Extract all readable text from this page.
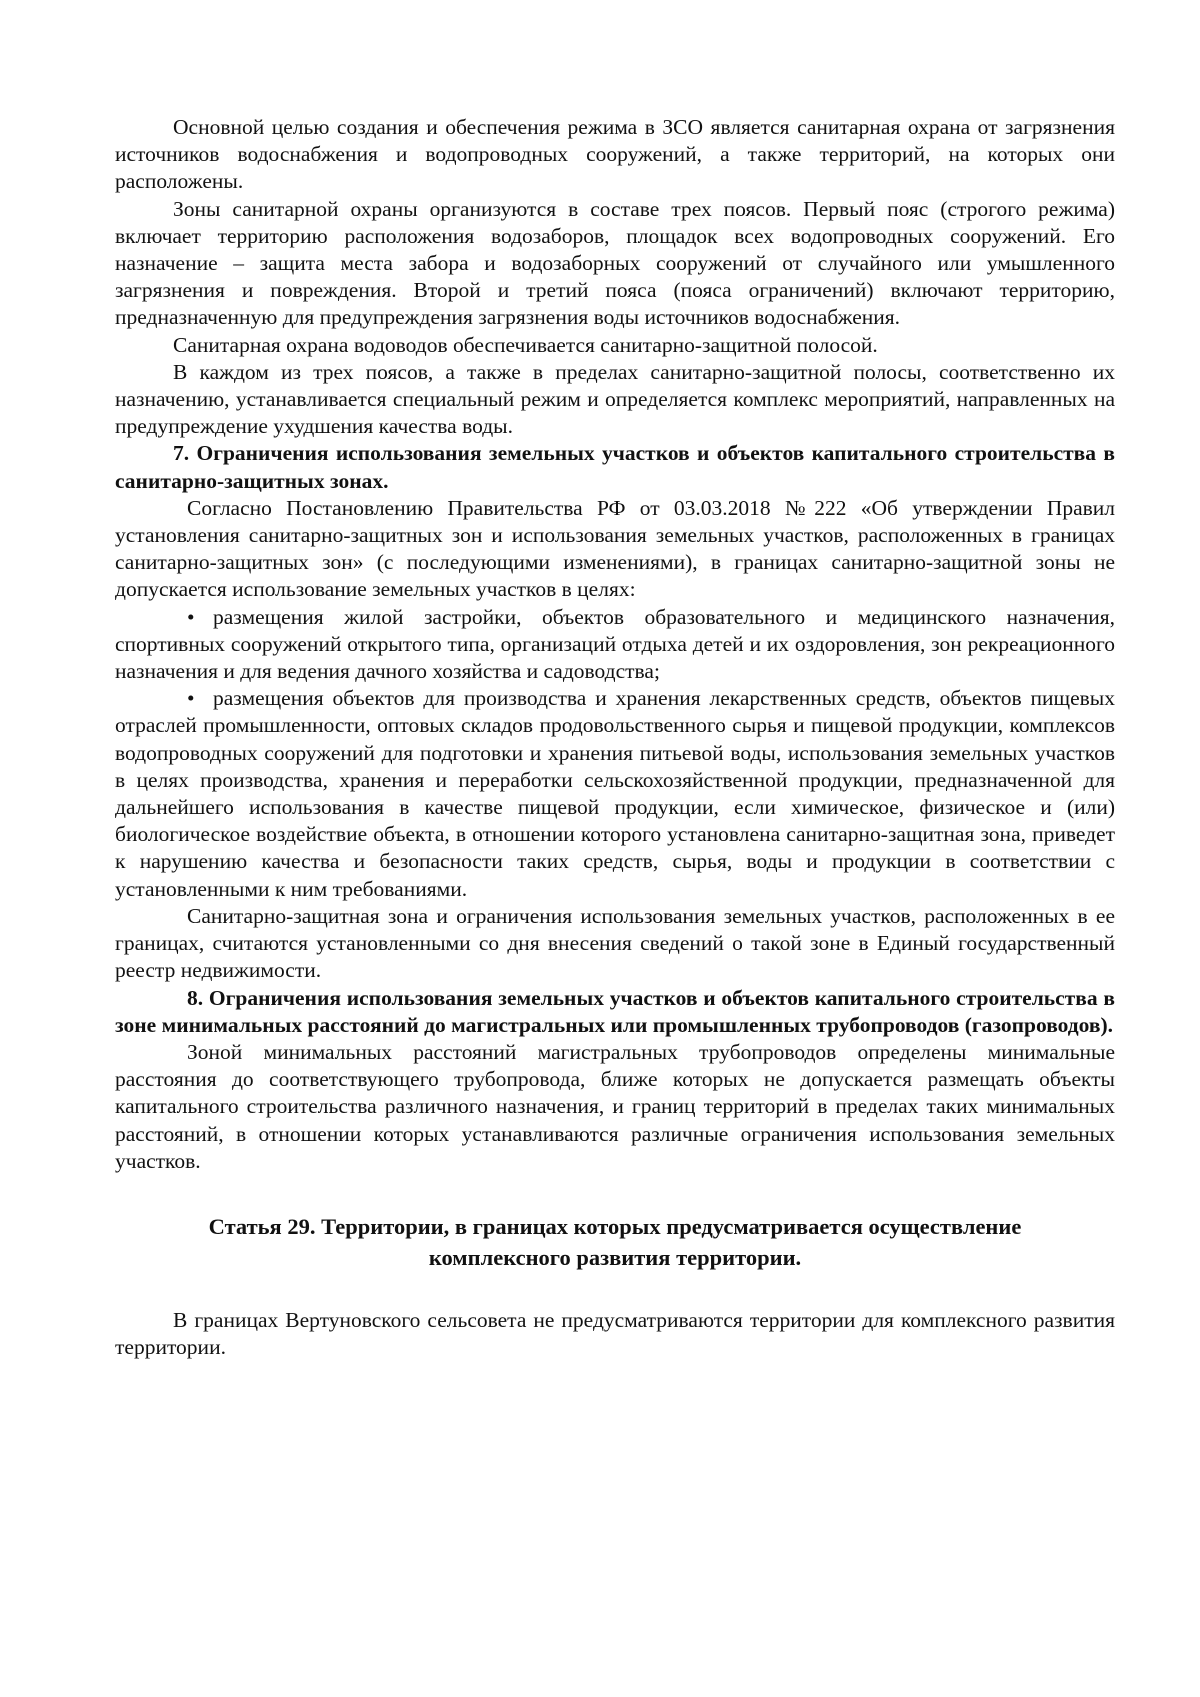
Основной целью создания и обеспечения режима в ЗСО является санитарная охрана от загрязнения источников водоснабжения и водопроводных сооружений, а также территорий, на которых они расположены.

Зоны санитарной охраны организуются в составе трех поясов. Первый пояс (строгого режима) включает территорию расположения водозаборов, площадок всех водопроводных сооружений. Его назначение – защита места забора и водозаборных сооружений от случайного или умышленного загрязнения и повреждения. Второй и третий пояса (пояса ограничений) включают территорию, предназначенную для предупреждения загрязнения воды источников водоснабжения.

Санитарная охрана водоводов обеспечивается санитарно-защитной полосой.

В каждом из трех поясов, а также в пределах санитарно-защитной полосы, соответственно их назначению, устанавливается специальный режим и определяется комплекс мероприятий, направленных на предупреждение ухудшения качества воды.

7. Ограничения использования земельных участков и объектов капитального строительства в санитарно-защитных зонах.

Согласно Постановлению Правительства РФ от 03.03.2018 №222 «Об утверждении Правил установления санитарно-защитных зон и использования земельных участков, расположенных в границах санитарно-защитных зон» (с последующими изменениями), в границах санитарно-защитной зоны не допускается использование земельных участков в целях:

• размещения жилой застройки, объектов образовательного и медицинского назначения, спортивных сооружений открытого типа, организаций отдыха детей и их оздоровления, зон рекреационного назначения и для ведения дачного хозяйства и садоводства;

• размещения объектов для производства и хранения лекарственных средств, объектов пищевых отраслей промышленности, оптовых складов продовольственного сырья и пищевой продукции, комплексов водопроводных сооружений для подготовки и хранения питьевой воды, использования земельных участков в целях производства, хранения и переработки сельскохозяйственной продукции, предназначенной для дальнейшего использования в качестве пищевой продукции, если химическое, физическое и (или) биологическое воздействие объекта, в отношении которого установлена санитарно-защитная зона, приведет к нарушению качества и безопасности таких средств, сырья, воды и продукции в соответствии с установленными к ним требованиями.

Санитарно-защитная зона и ограничения использования земельных участков, расположенных в ее границах, считаются установленными со дня внесения сведений о такой зоне в Единый государственный реестр недвижимости.

8. Ограничения использования земельных участков и объектов капитального строительства в зоне минимальных расстояний до магистральных или промышленных трубопроводов (газопроводов).

Зоной минимальных расстояний магистральных трубопроводов определены минимальные расстояния до соответствующего трубопровода, ближе которых не допускается размещать объекты капитального строительства различного назначения, и границ территорий в пределах таких минимальных расстояний, в отношении которых устанавливаются различные ограничения использования земельных участков.

Статья 29. Территории, в границах которых предусматривается осуществление комплексного развития территории.

В границах Вертуновского сельсовета не предусматриваются территории для комплексного развития территории.
